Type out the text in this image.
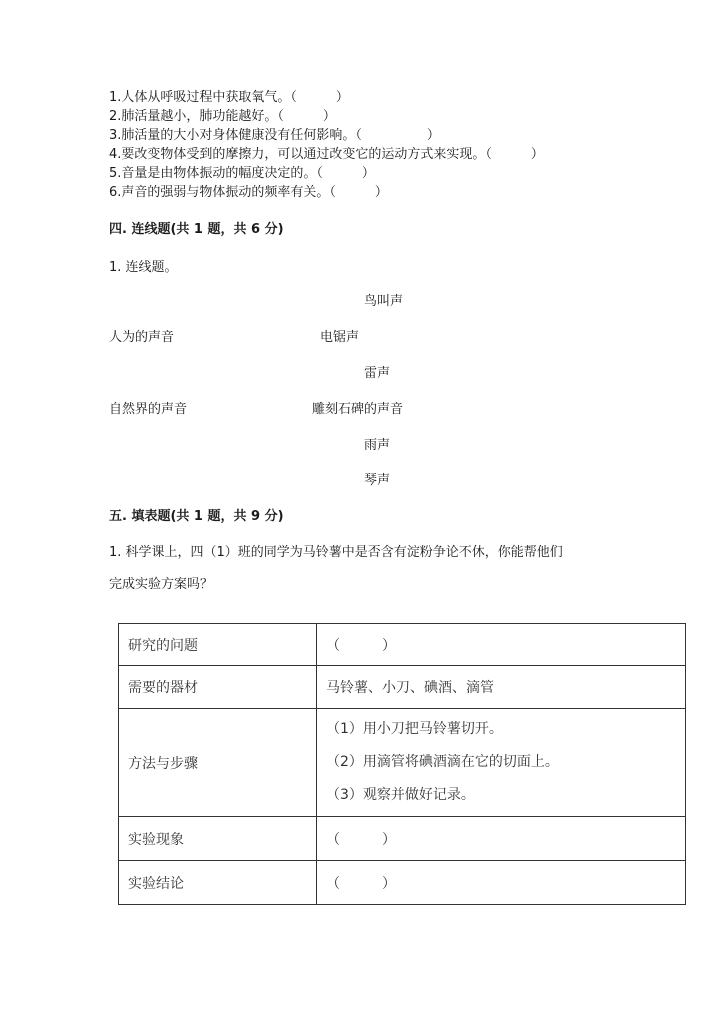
1.人体从呼吸过程中获取氧气。（　　　）
2.肺活量越小，肺功能越好。（　　　）
3.肺活量的大小对身体健康没有任何影响。（　　　　　）
4.要改变物体受到的摩擦力，可以通过改变它的运动方式来实现。（　　　）
5.音量是由物体振动的幅度决定的。（　　　）
6.声音的强弱与物体振动的频率有关。（　　　）
四. 连线题(共 1 题，共 6 分)
1. 连线题。
鸟叫声
人为的声音	电锯声
雷声
自然界的声音	雕刻石碑的声音
雨声
琴声
五. 填表题(共 1 题，共 9 分)
1. 科学课上，四（1）班的同学为马铃薯中是否含有淀粉争论不休，你能帮他们
完成实验方案吗？
研究的问题	（　　　）
需要的器材	马铃薯、小刀、碘酒、滴管
方法与步骤	（1）用小刀把马铃薯切开。
（2）用滴管将碘酒滴在它的切面上。
（3）观察并做好记录。

实验现象	（　　　）
实验结论	（　　　）
